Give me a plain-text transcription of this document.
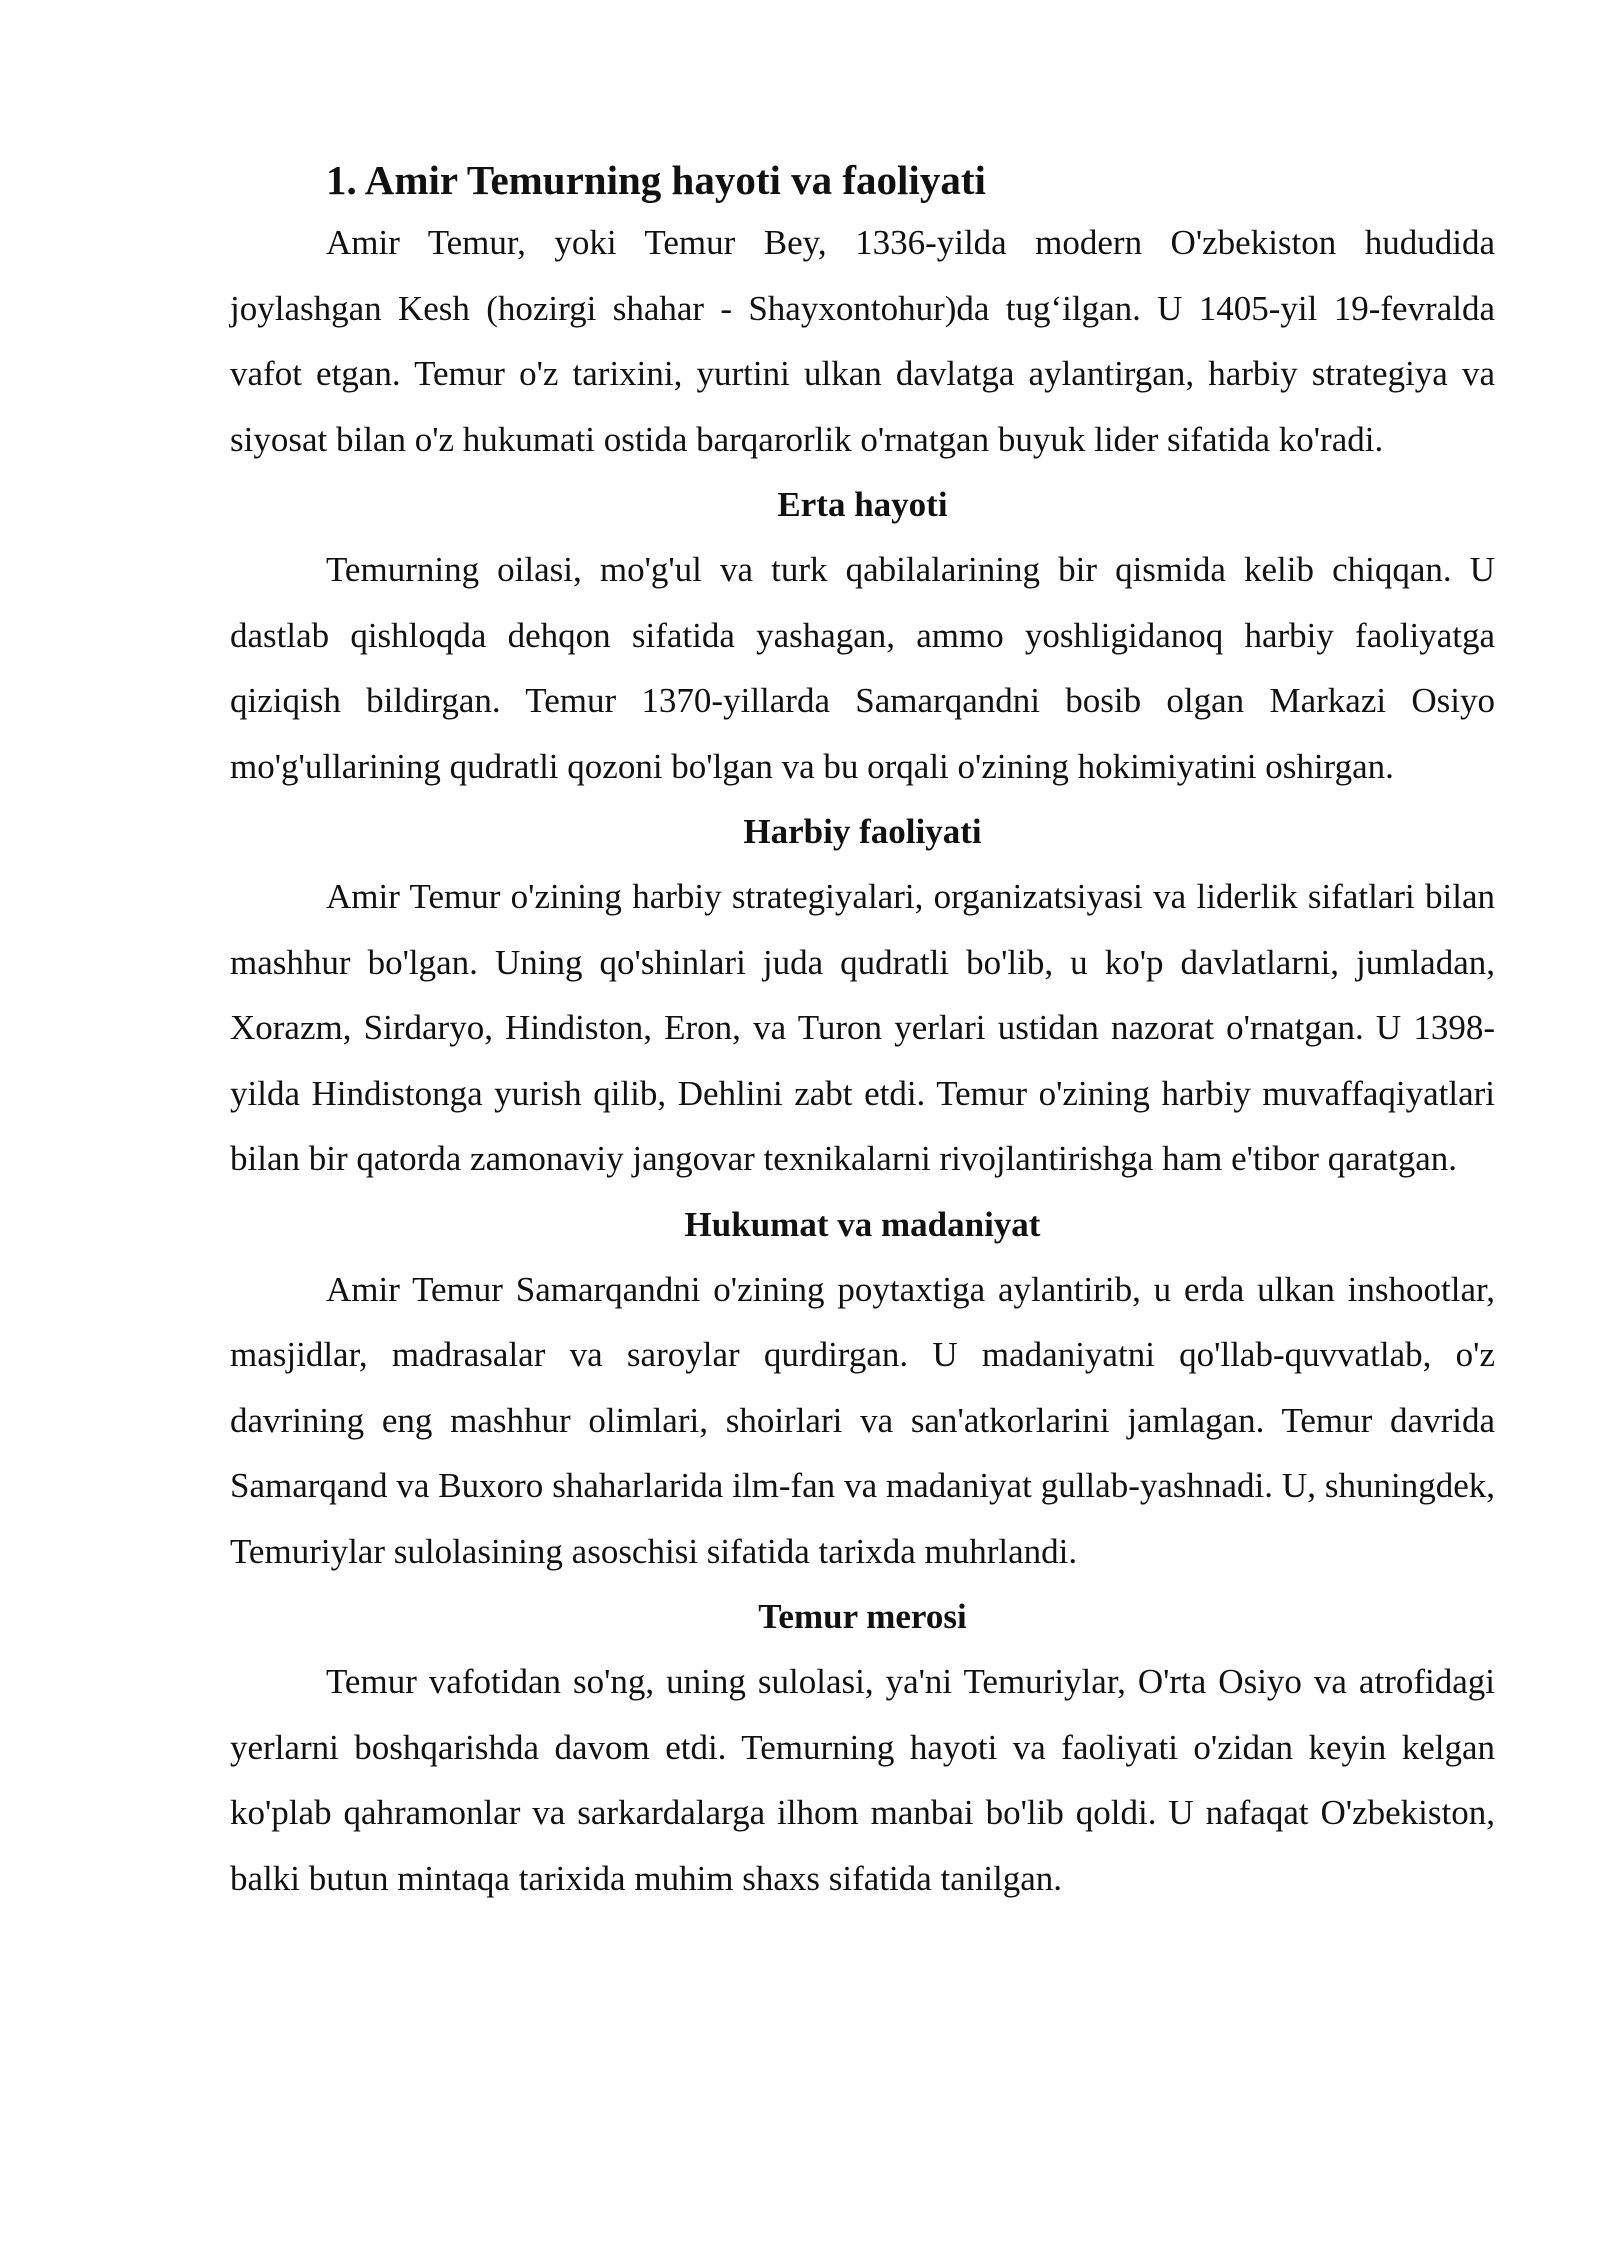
1. Amir Temurning hayoti va faoliyati

Amir Temur, yoki Temur Bey, 1336-yilda modern O'zbekiston hududida joylashgan Kesh (hozirgi shahar - Shayxontohur)da tug‘ilgan. U 1405-yil 19-fevralda vafot etgan. Temur o'z tarixini, yurtini ulkan davlatga aylantirgan, harbiy strategiya va siyosat bilan o'z hukumati ostida barqarorlik o'rnatgan buyuk lider sifatida ko'radi.

Erta hayoti

Temurning oilasi, mo'g'ul va turk qabilalarining bir qismida kelib chiqqan. U dastlab qishloqda dehqon sifatida yashagan, ammo yoshligidanoq harbiy faoliyatga qiziqish bildirgan. Temur 1370-yillarda Samarqandni bosib olgan Markazi Osiyo mo'g'ullarining qudratli qozoni bo'lgan va bu orqali o'zining hokimiyatini oshirgan.

Harbiy faoliyati

Amir Temur o'zining harbiy strategiyalari, organizatsiyasi va liderlik sifatlari bilan mashhur bo'lgan. Uning qo'shinlari juda qudratli bo'lib, u ko'p davlatlarni, jumladan, Xorazm, Sirdaryo, Hindiston, Eron, va Turon yerlari ustidan nazorat o'rnatgan. U 1398-yilda Hindistonga yurish qilib, Dehlini zabt etdi. Temur o'zining harbiy muvaffaqiyatlari bilan bir qatorda zamonaviy jangovar texnikalarni rivojlantirishga ham e'tibor qaratgan.

Hukumat va madaniyat

Amir Temur Samarqandni o'zining poytaxtiga aylantirib, u erda ulkan inshootlar, masjidlar, madrasalar va saroylar qurdirgan. U madaniyatni qo'llab-quvvatlab, o'z davrining eng mashhur olimlari, shoirlari va san'atkorlarini jamlagan. Temur davrida Samarqand va Buxoro shaharlarida ilm-fan va madaniyat gullab-yashnadi. U, shuningdek, Temuriylar sulolasining asoschisi sifatida tarixda muhrlandi.

Temur merosi

Temur vafotidan so'ng, uning sulolasi, ya'ni Temuriylar, O'rta Osiyo va atrofidagi yerlarni boshqarishda davom etdi. Temurning hayoti va faoliyati o'zidan keyin kelgan ko'plab qahramonlar va sarkardalarga ilhom manbai bo'lib qoldi. U nafaqat O'zbekiston, balki butun mintaqa tarixida muhim shaxs sifatida tanilgan.
